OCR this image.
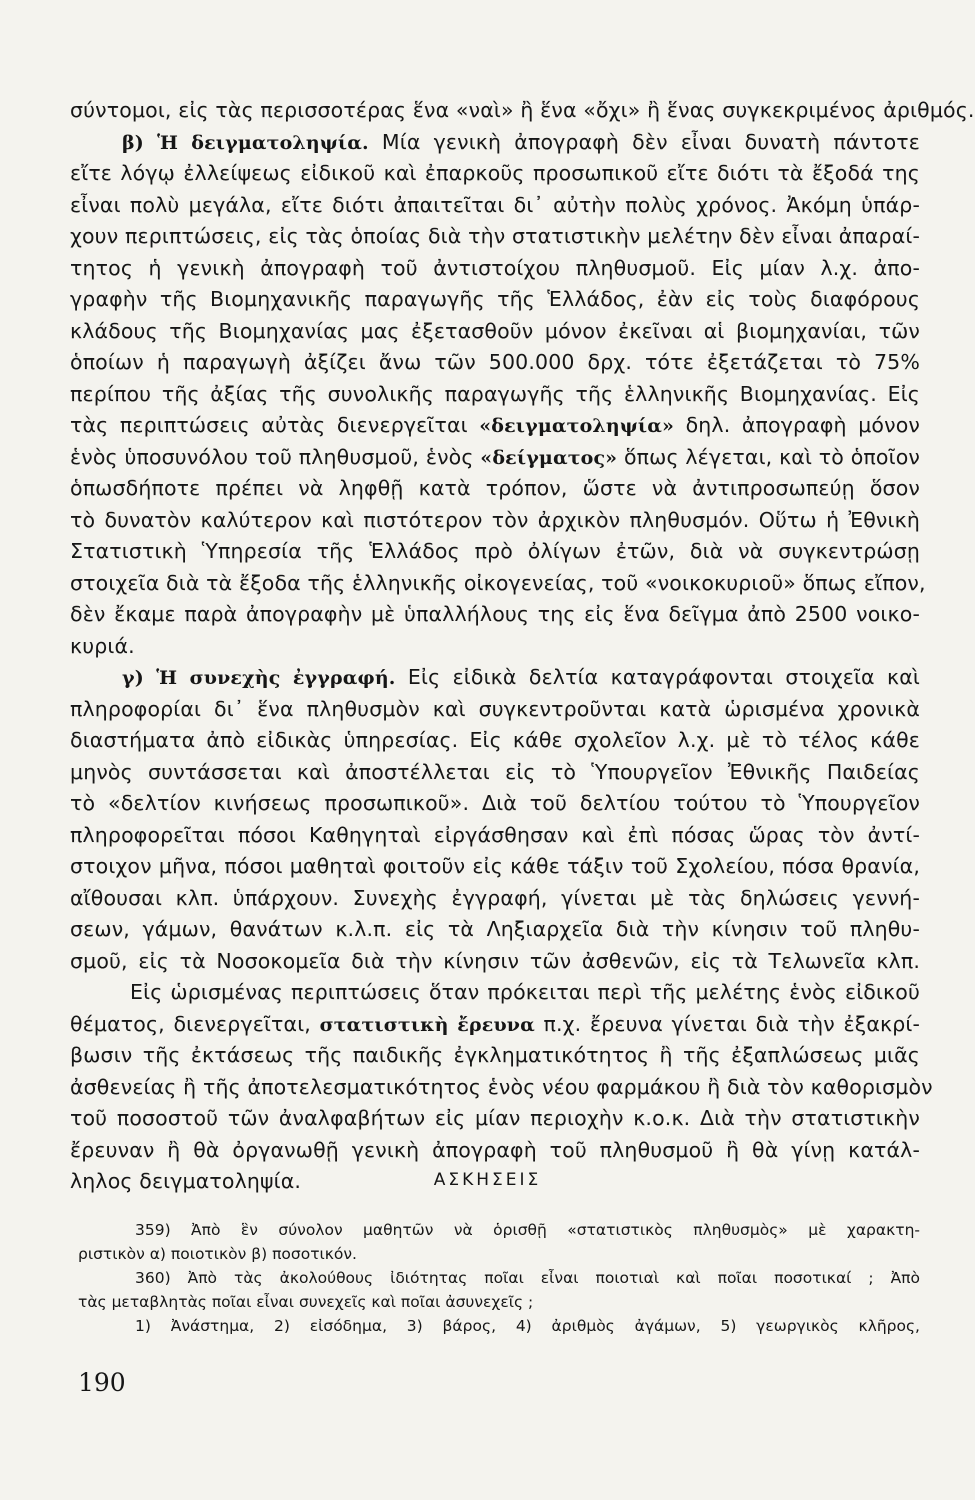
σύντομοι, εἰς τὰς περισσοτέρας ἕνα «ναὶ» ἢ ἕνα «ὄχι» ἢ ἕνας συγκεκριμένος ἀριθμός.
β) Ἡ δειγματοληψία. Μία γενικὴ ἀπογραφὴ δὲν εἶναι δυνατὴ πάντοτε
εἴτε λόγῳ ἐλλείψεως εἰδικοῦ καὶ ἐπαρκοῦς προσωπικοῦ εἴτε διότι τὰ ἔξοδά της
εἶναι πολὺ μεγάλα, εἴτε διότι ἀπαιτεῖται δι᾿ αὐτὴν πολὺς χρόνος. Ἀκόμη ὑπάρ-
χουν περιπτώσεις, εἰς τὰς ὁποίας διὰ τὴν στατιστικὴν μελέτην δὲν εἶναι ἀπαραί-
τητος ἡ γενικὴ ἀπογραφὴ τοῦ ἀντιστοίχου πληθυσμοῦ. Εἰς μίαν λ.χ. ἀπο-
γραφὴν τῆς Βιομηχανικῆς παραγωγῆς τῆς Ἑλλάδος, ἐὰν εἰς τοὺς διαφόρους
κλάδους τῆς Βιομηχανίας μας ἐξετασθοῦν μόνον ἐκεῖναι αἱ βιομηχανίαι, τῶν
ὁποίων ἡ παραγωγὴ ἀξίζει ἄνω τῶν 500.000 δρχ. τότε ἐξετάζεται τὸ 75%
περίπου τῆς ἀξίας τῆς συνολικῆς παραγωγῆς τῆς ἑλληνικῆς Βιομηχανίας. Εἰς
τὰς περιπτώσεις αὐτὰς διενεργεῖται «δειγματοληψία» δηλ. ἀπογραφὴ μόνον
ἑνὸς ὑποσυνόλου τοῦ πληθυσμοῦ, ἑνὸς «δείγματος» ὅπως λέγεται, καὶ τὸ ὁποῖον
ὁπωσδήποτε πρέπει νὰ ληφθῇ κατὰ τρόπον, ὥστε νὰ ἀντιπροσωπεύῃ ὅσον
τὸ δυνατὸν καλύτερον καὶ πιστότερον τὸν ἀρχικὸν πληθυσμόν. Οὕτω ἡ Ἐθνικὴ
Στατιστικὴ Ὑπηρεσία τῆς Ἑλλάδος πρὸ ὀλίγων ἐτῶν, διὰ νὰ συγκεντρώσῃ
στοιχεῖα διὰ τὰ ἔξοδα τῆς ἑλληνικῆς οἰκογενείας, τοῦ «νοικοκυριοῦ» ὅπως εἴπον,
δὲν ἔκαμε παρὰ ἀπογραφὴν μὲ ὑπαλλήλους της εἰς ἕνα δεῖγμα ἀπὸ 2500 νοικο-
κυριά.
γ) Ἡ συνεχὴς ἐγγραφή. Εἰς εἰδικὰ δελτία καταγράφονται στοιχεῖα καὶ
πληροφορίαι δι᾿ ἕνα πληθυσμὸν καὶ συγκεντροῦνται κατὰ ὡρισμένα χρονικὰ
διαστήματα ἀπὸ εἰδικὰς ὑπηρεσίας. Εἰς κάθε σχολεῖον λ.χ. μὲ τὸ τέλος κάθε
μηνὸς συντάσσεται καὶ ἀποστέλλεται εἰς τὸ Ὑπουργεῖον Ἐθνικῆς Παιδείας
τὸ «δελτίον κινήσεως προσωπικοῦ». Διὰ τοῦ δελτίου τούτου τὸ Ὑπουργεῖον
πληροφορεῖται πόσοι Καθηγηταὶ εἰργάσθησαν καὶ ἐπὶ πόσας ὥρας τὸν ἀντί-
στοιχον μῆνα, πόσοι μαθηταὶ φοιτοῦν εἰς κάθε τάξιν τοῦ Σχολείου, πόσα θρανία,
αἴθουσαι κλπ. ὑπάρχουν. Συνεχὴς ἐγγραφή, γίνεται μὲ τὰς δηλώσεις γεννή-
σεων, γάμων, θανάτων κ.λ.π. εἰς τὰ Ληξιαρχεῖα διὰ τὴν κίνησιν τοῦ πληθυ-
σμοῦ, εἰς τὰ Νοσοκομεῖα διὰ τὴν κίνησιν τῶν ἀσθενῶν, εἰς τὰ Τελωνεῖα κλπ.
Εἰς ὡρισμένας περιπτώσεις ὅταν πρόκειται περὶ τῆς μελέτης ἑνὸς εἰδικοῦ
θέματος, διενεργεῖται, στατιστικὴ ἔρευνα π.χ. ἔρευνα γίνεται διὰ τὴν ἐξακρί-
βωσιν τῆς ἐκτάσεως τῆς παιδικῆς ἐγκληματικότητος ἢ τῆς ἐξαπλώσεως μιᾶς
ἀσθενείας ἢ τῆς ἀποτελεσματικότητος ἑνὸς νέου φαρμάκου ἢ διὰ τὸν καθορισμὸν
τοῦ ποσοστοῦ τῶν ἀναλφαβήτων εἰς μίαν περιοχὴν κ.ο.κ. Διὰ τὴν στατιστικὴν
ἔρευναν ἢ θὰ ὀργανωθῇ γενικὴ ἀπογραφὴ τοῦ πληθυσμοῦ ἢ θὰ γίνῃ κατάλ-
ληλος δειγματοληψία.	ΑΣΚΗΣΕΙΣ
359) Ἀπὸ ἓν σύνολον μαθητῶν νὰ ὁρισθῇ «στατιστικὸς πληθυσμὸς» μὲ χαρακτη-
ριστικὸν α) ποιοτικὸν β) ποσοτικόν.
360) Ἀπὸ τὰς ἀκολούθους ἰδιότητας ποῖαι εἶναι ποιοτιαὶ καὶ ποῖαι ποσοτικαί ; Ἀπὸ
τὰς μεταβλητὰς ποῖαι εἶναι συνεχεῖς καὶ ποῖαι ἀσυνεχεῖς ;
1) Ἀνάστημα, 2) εἰσόδημα, 3) βάρος, 4) ἀριθμὸς ἀγάμων, 5) γεωργικὸς κλῆρος,
190
